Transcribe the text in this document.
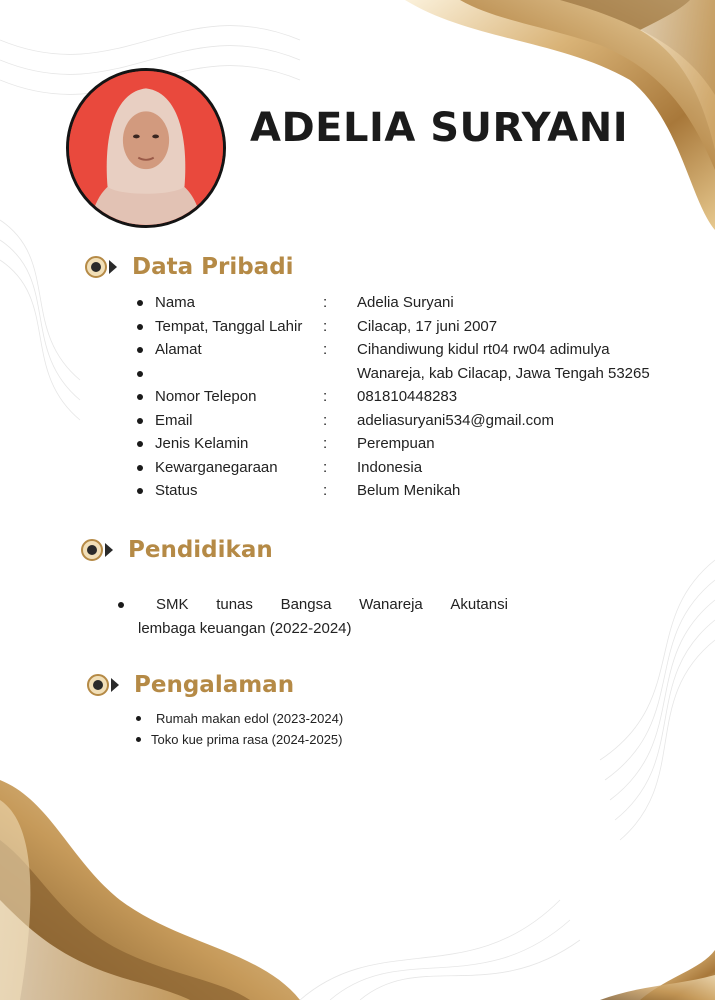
ADELIA SURYANI
Data Pribadi
Nama	: Adelia Suryani
Tempat, Tanggal Lahir : Cilacap, 17 juni 2007
Alamat	: Cihandiwung kidul rt04 rw04 adimulya
Wanareja, kab Cilacap, Jawa Tengah 53265
Nomor Telepon	: 081810448283
Email	: adeliasuryani534@gmail.com
Jenis Kelamin	: Perempuan
Kewarganegaraan	: Indonesia
Status	: Belum Menikah
Pendidikan
SMK tunas Bangsa Wanareja Akutansi
lembaga keuangan (2022-2024)
Pengalaman
Rumah makan edol (2023-2024)
Toko kue prima rasa (2024-2025)
